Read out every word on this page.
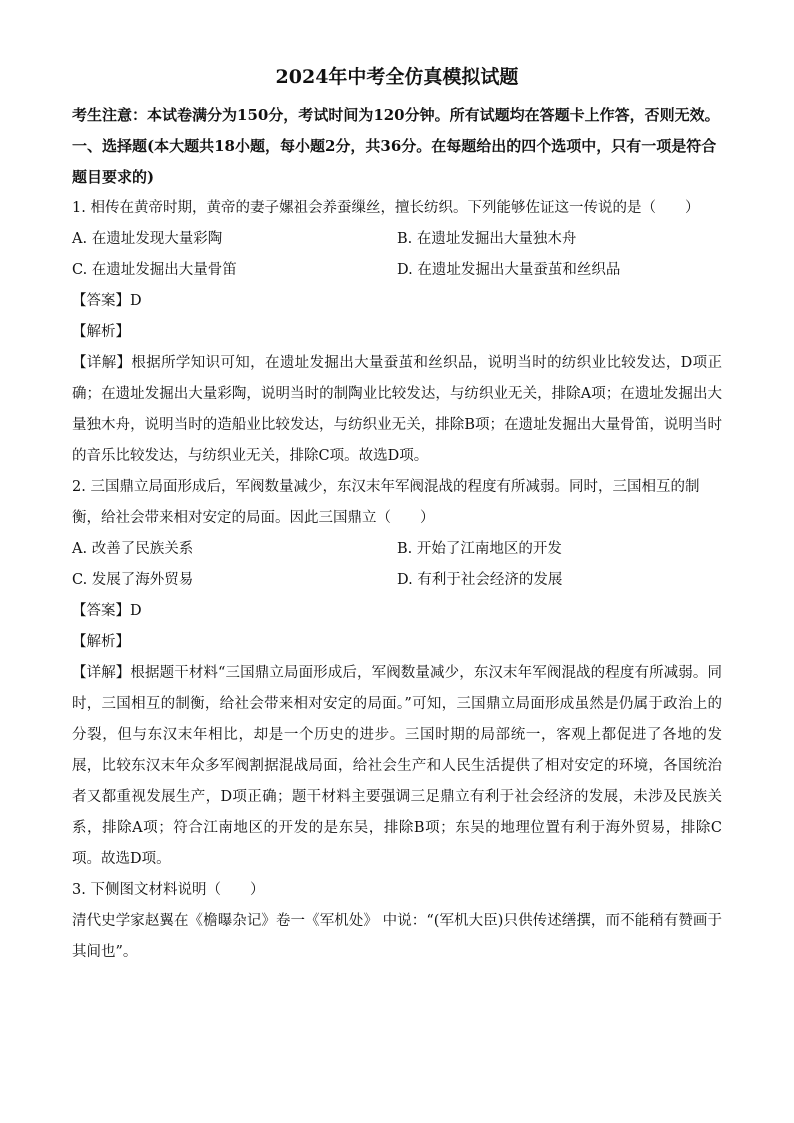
2024年中考全仿真模拟试题
考生注意：本试卷满分为150分，考试时间为120分钟。所有试题均在答题卡上作答，否则无效。
一、选择题(本大题共18小题，每小题2分，共36分。在每题给出的四个选项中，只有一项是符合题目要求的)
1. 相传在黄帝时期，黄帝的妻子嫘祖会养蚕缫丝，擅长纺织。下列能够佐证这一传说的是（　　）
A. 在遗址发现大量彩陶	B. 在遗址发掘出大量独木舟
C. 在遗址发掘出大量骨笛	D. 在遗址发掘出大量蚕茧和丝织品
【答案】D
【解析】
【详解】根据所学知识可知，在遗址发掘出大量蚕茧和丝织品，说明当时的纺织业比较发达，D项正确；在遗址发掘出大量彩陶，说明当时的制陶业比较发达，与纺织业无关，排除A项；在遗址发掘出大量独木舟，说明当时的造船业比较发达，与纺织业无关，排除B项；在遗址发掘出大量骨笛，说明当时的音乐比较发达，与纺织业无关，排除C项。故选D项。
2. 三国鼎立局面形成后，军阀数量减少，东汉末年军阀混战的程度有所减弱。同时，三国相互的制衡，给社会带来相对安定的局面。因此三国鼎立（　　）
A. 改善了民族关系	B. 开始了江南地区的开发
C. 发展了海外贸易	D. 有利于社会经济的发展
【答案】D
【解析】
【详解】根据题干材料“三国鼎立局面形成后，军阀数量减少，东汉末年军阀混战的程度有所减弱。同时，三国相互的制衡，给社会带来相对安定的局面。”可知，三国鼎立局面形成虽然是仍属于政治上的分裂，但与东汉末年相比，却是一个历史的进步。三国时期的局部统一，客观上都促进了各地的发展，比较东汉末年众多军阀割据混战局面，给社会生产和人民生活提供了相对安定的环境，各国统治者又都重视发展生产，D项正确；题干材料主要强调三足鼎立有利于社会经济的发展，未涉及民族关系，排除A项；符合江南地区的开发的是东吴，排除B项；东吴的地理位置有利于海外贸易，排除C项。故选D项。
3. 下侧图文材料说明（　　）
清代史学家赵翼在《檐曝杂记》卷一《军机处》 中说：“(军机大臣)只供传述缮撰，而不能稍有赞画于其间也”。
